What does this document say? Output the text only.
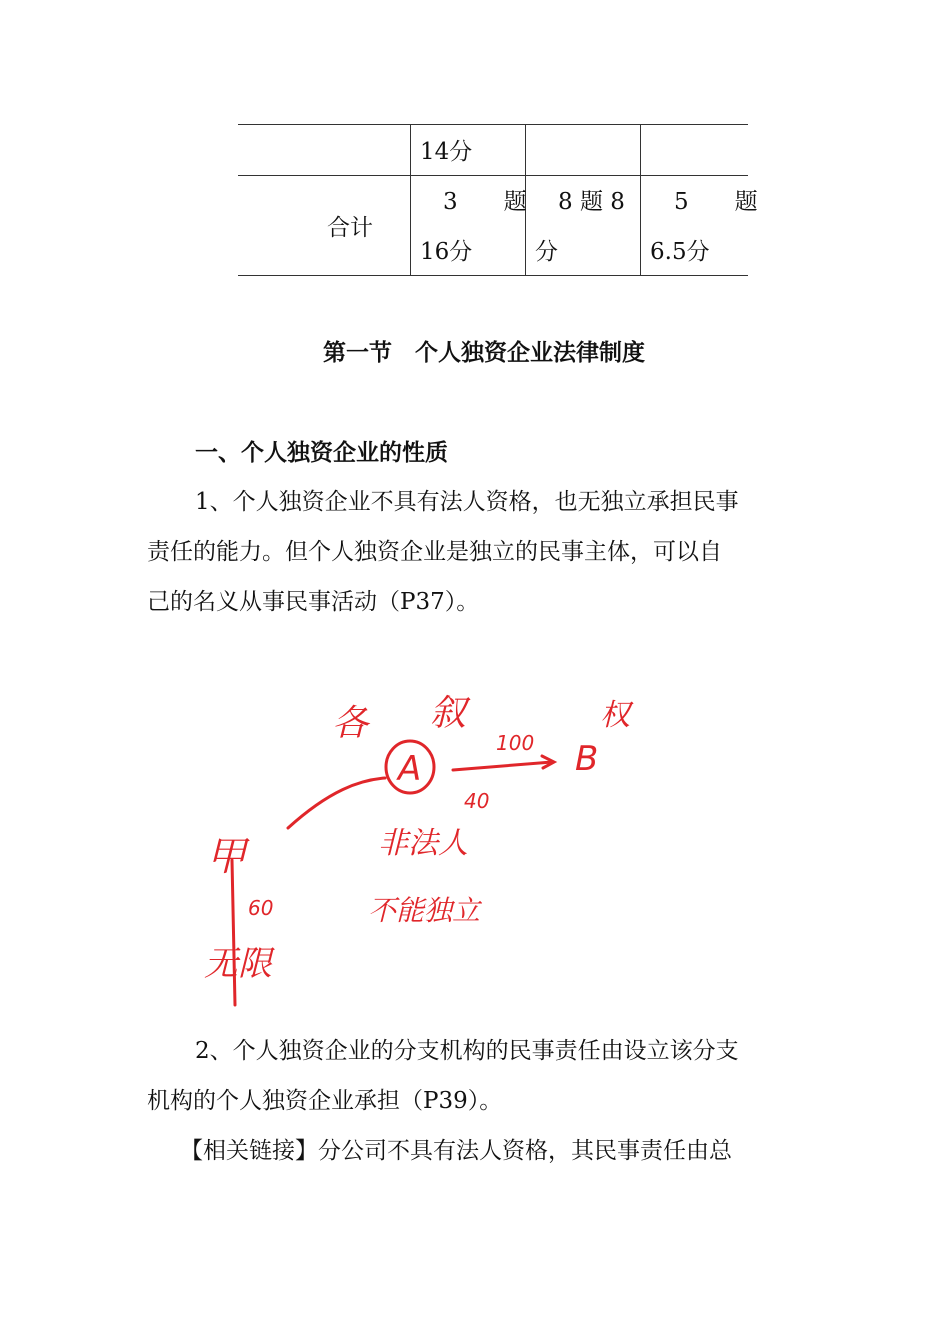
14分
合计
3　　题
16分
8 题 8
分
5　　题
6.5分
第一节　个人独资企业法律制度
一、个人独资企业的性质
1、个人独资企业不具有法人资格，也无独立承担民事
责任的能力。但个人独资企业是独立的民事主体，可以自
己的名义从事民事活动（P37）。
各 叙
A
100
40
B
权
非法人
不能独立
甲
60
无限
2、个人独资企业的分支机构的民事责任由设立该分支
机构的个人独资企业承担（P39）。
【相关链接】分公司不具有法人资格，其民事责任由总
